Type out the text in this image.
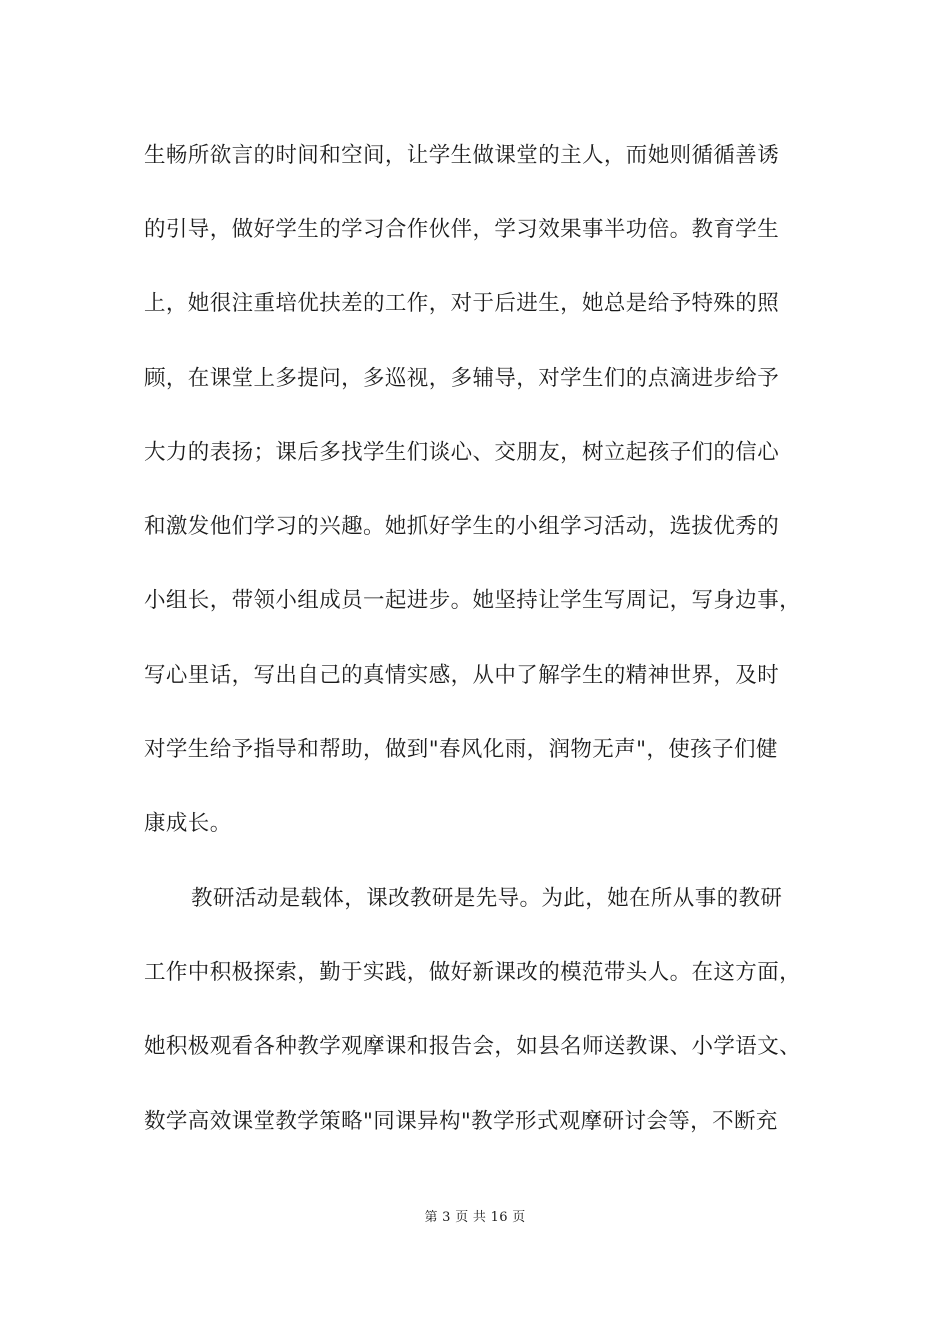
生畅所欲言的时间和空间，让学生做课堂的主人，而她则循循善诱
的引导，做好学生的学习合作伙伴，学习效果事半功倍。教育学生
上，她很注重培优扶差的工作，对于后进生，她总是给予特殊的照
顾，在课堂上多提问，多巡视，多辅导，对学生们的点滴进步给予
大力的表扬；课后多找学生们谈心、交朋友，树立起孩子们的信心
和激发他们学习的兴趣。她抓好学生的小组学习活动，选拔优秀的
小组长，带领小组成员一起进步。她坚持让学生写周记，写身边事，
写心里话，写出自己的真情实感，从中了解学生的精神世界，及时
对学生给予指导和帮助，做到"春风化雨，润物无声"，使孩子们健
康成长。
教研活动是载体，课改教研是先导。为此，她在所从事的教研
工作中积极探索，勤于实践，做好新课改的模范带头人。在这方面，
她积极观看各种教学观摩课和报告会，如县名师送教课、小学语文、
数学高效课堂教学策略"同课异构"教学形式观摩研讨会等，不断充
第 3 页 共 16 页
